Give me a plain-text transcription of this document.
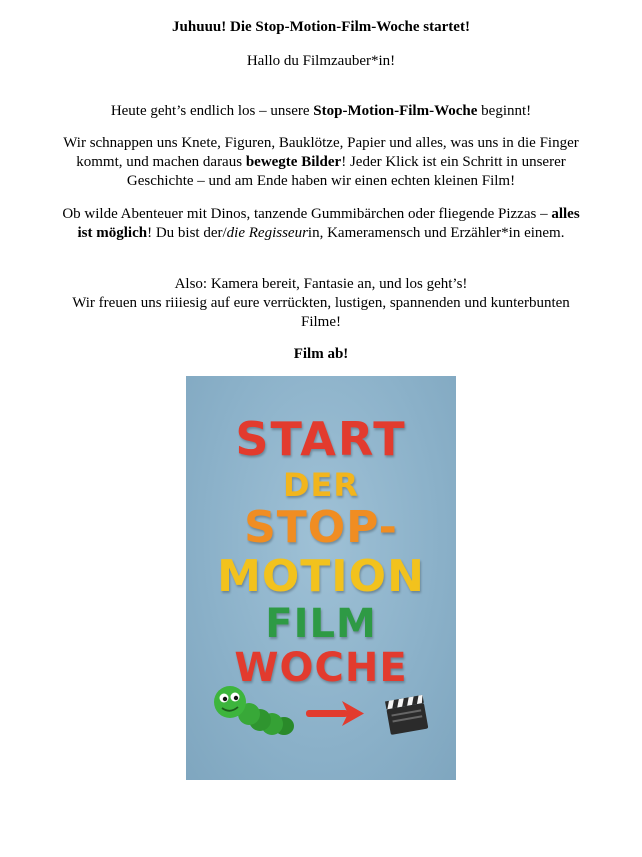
Juhuuu! Die Stop-Motion-Film-Woche startet!
Hallo du Filmzauber*in!
Heute geht’s endlich los – unsere Stop-Motion-Film-Woche beginnt!
Wir schnappen uns Knete, Figuren, Bauklötze, Papier und alles, was uns in die Finger kommt, und machen daraus bewegte Bilder! Jeder Klick ist ein Schritt in unserer Geschichte – und am Ende haben wir einen echten kleinen Film!
Ob wilde Abenteuer mit Dinos, tanzende Gummibärchen oder fliegende Pizzas – alles ist möglich! Du bist der/die Regisseurin, Kameramensch und Erzähler*in einem.
Also: Kamera bereit, Fantasie an, und los geht’s!
Wir freuen uns riiiesig auf eure verrückten, lustigen, spannenden und kunterbunten Filme!
Film ab!
START
DER
STOP-
MOTION
FILM
WOCHE
